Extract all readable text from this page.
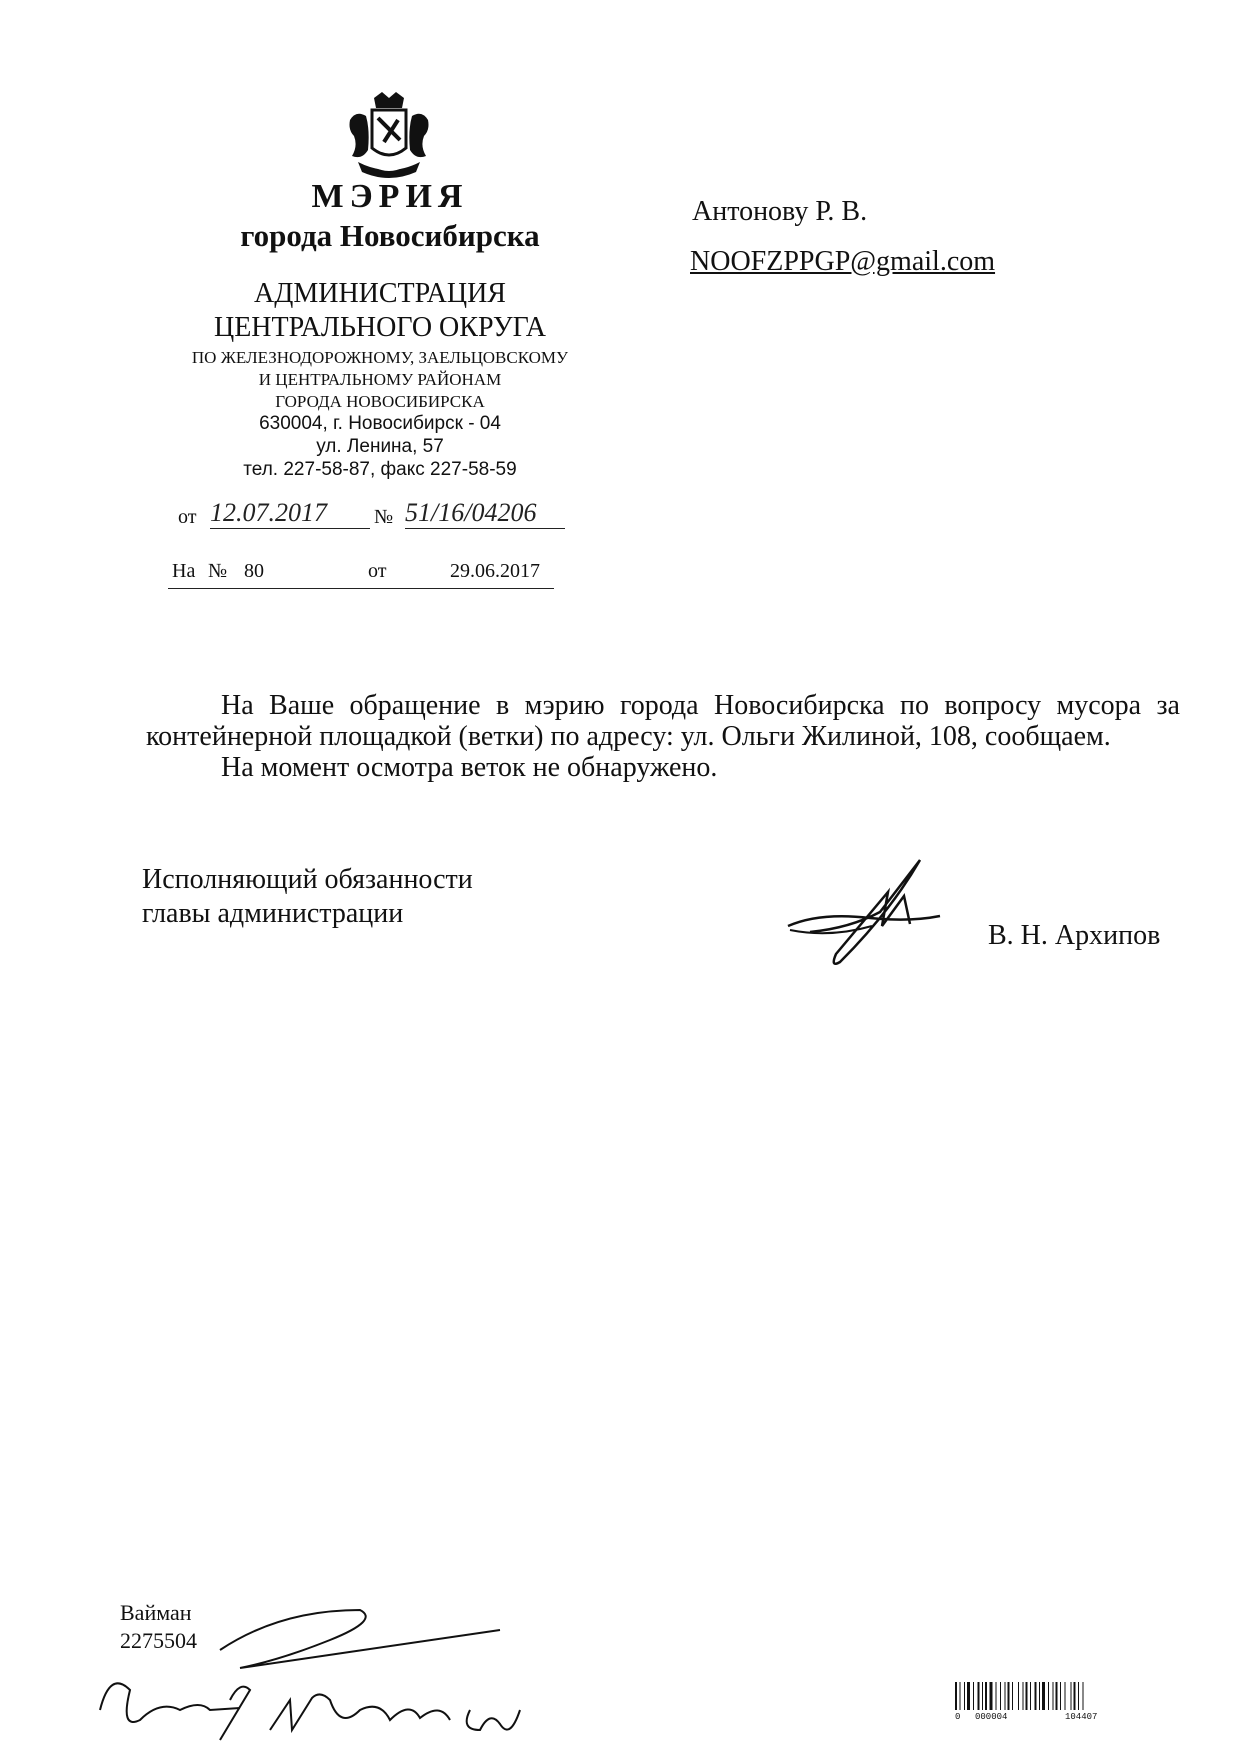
МЭРИЯ
города Новосибирска
АДМИНИСТРАЦИЯ
ЦЕНТРАЛЬНОГО ОКРУГА
ПО ЖЕЛЕЗНОДОРОЖНОМУ, ЗАЕЛЬЦОВСКОМУ
И ЦЕНТРАЛЬНОМУ РАЙОНАМ
ГОРОДА НОВОСИБИРСКА
630004, г. Новосибирск - 04
ул. Ленина, 57
тел. 227-58-87, факс 227-58-59
от 12.07.2017	№ 51/16/04206
На № 80	от	29.06.2017
Антонову Р. В.
NOOFZPPGP@gmail.com

На Ваше обращение в мэрию города Новосибирска по вопросу мусора за контейнерной площадкой (ветки) по адресу: ул. Ольги Жилиной, 108, сообщаем.

На момент осмотра веток не обнаружено.

Исполняющий обязанности
главы администрации
В. Н. Архипов
Вайман
2275504
0 000004	104407
